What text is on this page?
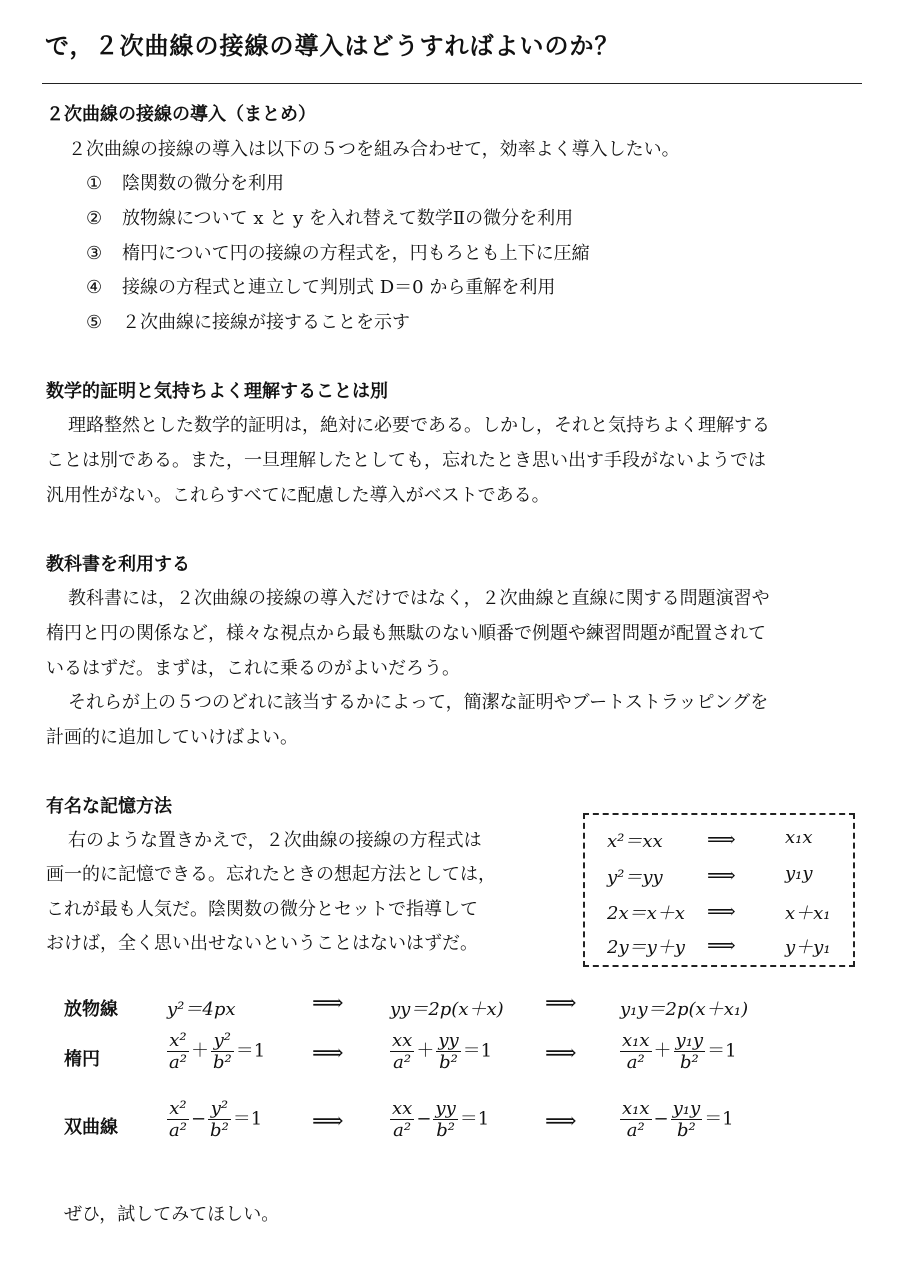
で，２次曲線の接線の導入はどうすればよいのか？
２次曲線の接線の導入（まとめ）
２次曲線の接線の導入は以下の５つを組み合わせて，効率よく導入したい。
① 陰関数の微分を利用
② 放物線について x と y を入れ替えて数学Ⅱの微分を利用
③ 楕円について円の接線の方程式を，円もろとも上下に圧縮
④ 接線の方程式と連立して判別式 D＝0 から重解を利用
⑤ ２次曲線に接線が接することを示す
数学的証明と気持ちよく理解することは別
理路整然とした数学的証明は，絶対に必要である。しかし，それと気持ちよく理解する
ことは別である。また，一旦理解したとしても，忘れたとき思い出す手段がないようでは
汎用性がない。これらすべてに配慮した導入がベストである。
教科書を利用する
教科書には，２次曲線の接線の導入だけではなく，２次曲線と直線に関する問題演習や
楕円と円の関係など，様々な視点から最も無駄のない順番で例題や練習問題が配置されて
いるはずだ。まずは，これに乗るのがよいだろう。
それらが上の５つのどれに該当するかによって，簡潔な証明やブートストラッピングを
計画的に追加していけばよい。
有名な記憶方法
右のような置きかえで，２次曲線の接線の方程式は
画一的に記憶できる。忘れたときの想起方法としては，
これが最も人気だ。陰関数の微分とセットで指導して
おけば，全く思い出せないということはないはずだ。
x²＝xx ⟹	x₁x
y²＝yy ⟹	y₁y
2x＝x＋x ⟹	x＋x₁
2y＝y＋y ⟹	y＋y₁
放物線	y²＝4px	⟹	yy＝2p(x＋x) ⟹ y₁y＝2p(x＋x₁)
楕円	$\frac{\text{x²}}{\text{a²}} + \frac{\text{y²}}{\text{b²}} =1$ ⟹	$\frac{xx}{\text{a²}} + \frac{yy}{\text{b²}} =1$ ⟹ $\frac{\text{x₁x}}{\text{a²}} + \frac{\text{y₁y}}{\text{b²}} =1$
双曲線	$\frac{\text{x²}}{\text{a²}} - \frac{\text{y²}}{\text{b²}} =1$ ⟹	$\frac{xx}{\text{a²}} - \frac{yy}{\text{b²}} =1$	⟹ $\frac{\text{x₁x}}{\text{a²}} - \frac{\text{y₁y}}{\text{b²}} =1$
ぜひ，試してみてほしい。
